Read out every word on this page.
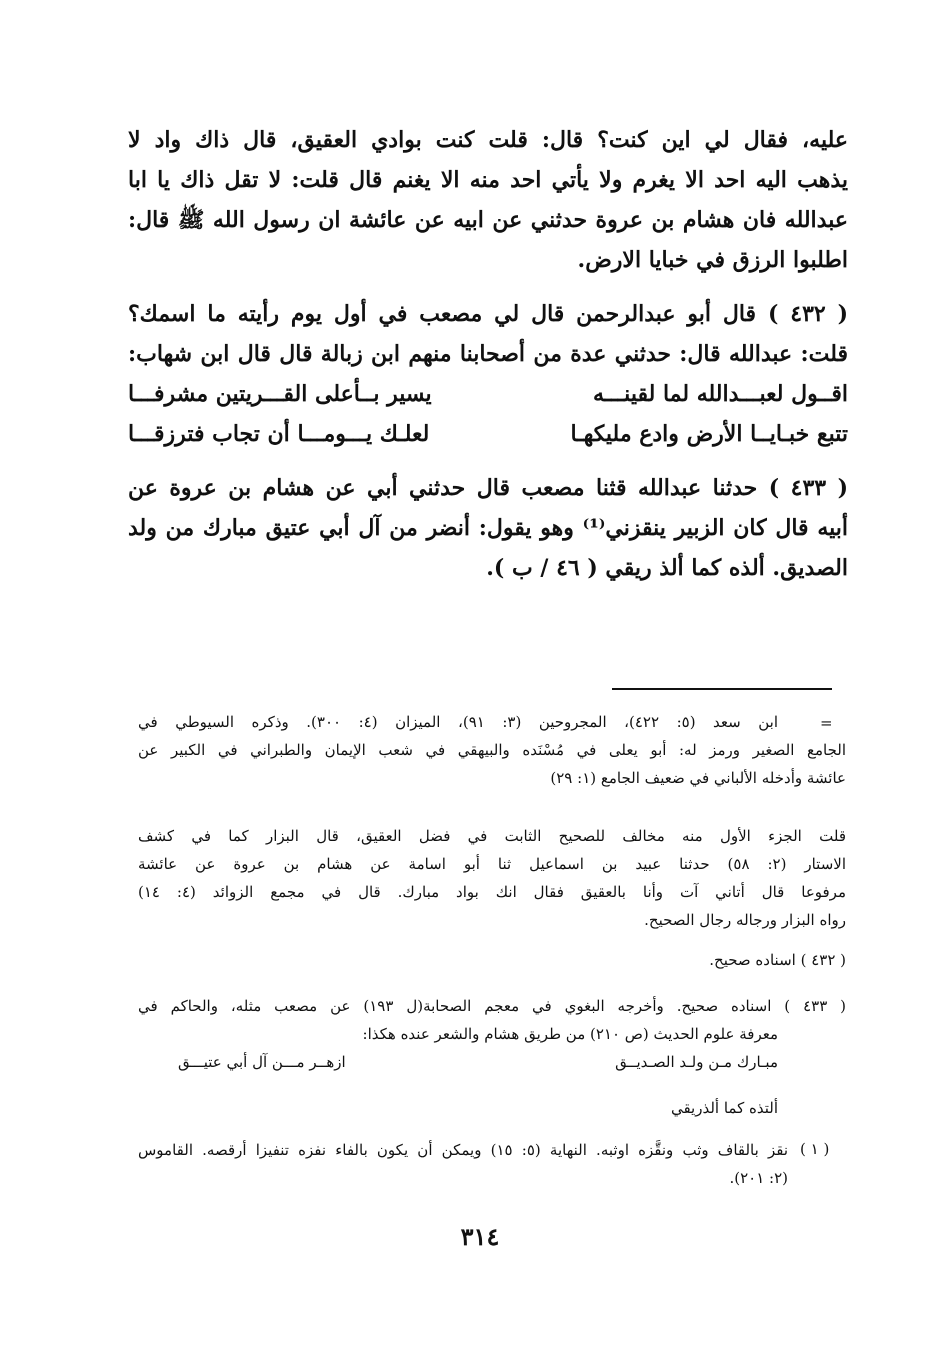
عليه، فقال لي اين كنت؟ قال: قلت كنت بوادي العقيق، قال ذاك واد لا
يذهب اليه احد الا يغرم ولا يأتي احد منه الا يغنم قال قلت: لا تقل ذاك يا ابا
عبدالله فان هشام بن عروة حدثني عن ابيه عن عائشة ان رسول الله ﷺ قال:
اطلبوا الرزق في خبايا الارض.
( ٤٣٢ ) قال أبو عبدالرحمن قال لي مصعب في أول يوم رأيته ما اسمك؟
قلت: عبدالله قال: حدثني عدة من أصحابنا منهم ابن زبالة قال قال ابن شهاب:
اقــول لعبـــدالله لما لقينـــه
يسير بــأعلى القـــريتين مشرفـــا
تتبع خبـايــا الأرض وادع مليكهـا
لعلـك يـــومـــا أن تجاب فترزقـــا
( ٤٣٣ ) حدثنا عبدالله قثنا مصعب قال حدثني أبي عن هشام بن عروة عن
أبيه قال كان الزبير ينقزني⁽¹⁾ وهو يقول: أنضر من آل أبي عتيق مبارك من ولد
الصديق. ألذه كما ألذ ريقي ( ٤٦ / ب ).
=
ابن سعد (٥: ٤٢٢)، المجروحين (٣: ٩١)، الميزان (٤: ٣٠٠). وذكره السيوطي في
الجامع الصغير ورمز له: أبو يعلى في مُسْنَده والبيهقي في شعب الإيمان والطبراني في الكبير عن
عائشة وأدخله الألباني في ضعيف الجامع (١: ٢٩)
قلت الجزء الأول منه مخالف للصحيح الثابت في فضل العقيق، قال البزار كما في كشف
الاستار (٢: ٥٨) حدثنا عبيد بن اسماعيل ثنا أبو اسامة عن هشام بن عروة عن عائشة
مرفوعا قال أتاني آت وأنا بالعقيق فقال انك بواد مبارك. قال في مجمع الزوائد (٤: ١٤)
رواه البزار ورجاله رجال الصحيح.
( ٤٣٢ ) اسناده صحيح.
( ٤٣٣ ) اسناده صحيح. وأخرجه البغوي في معجم الصحابة(ل ١٩٣) عن مصعب مثله، والحاكم في
معرفة علوم الحديث (ص ٢١٠) من طريق هشام والشعر عنده هكذا:
مبـارك مـن ولـد الصـديــق
ازهــر مـــن آل أبي عتيـــق
ألتذه كما ألذريقي
( ١ )
نقز بالقاف وثب ونقَّزه اوثبه. النهاية (٥: ١٥) ويمكن أن يكون بالفاء نفزه تنفيزا أرقصه. القاموس
(٢: ٢٠١).
٣١٤
